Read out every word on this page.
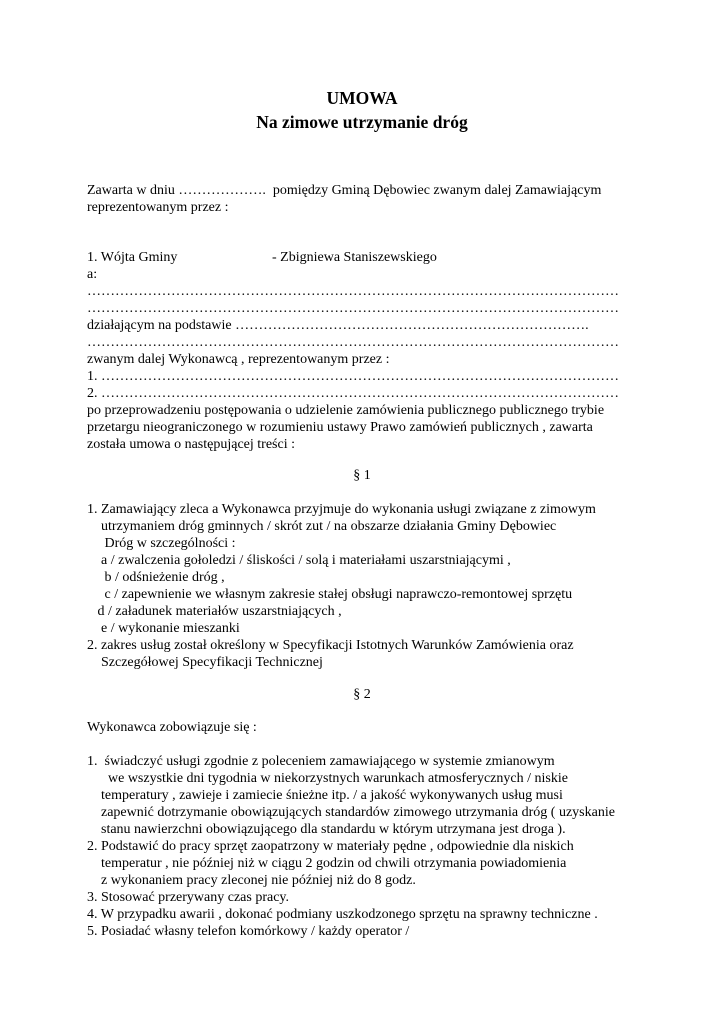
UMOWA
Na zimowe utrzymanie dróg
Zawarta w dniu ……………….  pomiędzy Gminą Dębowiec zwanym dalej Zamawiającym
reprezentowanym przez :
1. Wójta Gminy	- Zbigniewa Staniszewskiego
a:
……………………………………………………………………………………………………
……………………………………………………………………………………………………
działającym na podstawie ………………………………………………………………….
……………………………………………………………………………………………………
zwanym dalej Wykonawcą , reprezentowanym przez :
1. …………………………………………………………………………………………………
2. …………………………………………………………………………………………………
po przeprowadzeniu postępowania o udzielenie zamówienia publicznego publicznego trybie
przetargu nieograniczonego w rozumieniu ustawy Prawo zamówień publicznych , zawarta
została umowa o następującej treści :
§ 1
1. Zamawiający zleca a Wykonawca przyjmuje do wykonania usługi związane z zimowym
utrzymaniem dróg gminnych / skrót zut / na obszarze działania Gminy Dębowiec
Dróg w szczególności :
a / zwalczenia gołoledzi / śliskości / solą i materiałami uszarstniającymi ,
b / odśnieżenie dróg ,
c / zapewnienie we własnym zakresie stałej obsługi naprawczo-remontowej sprzętu
d / załadunek materiałów uszarstniających ,
e / wykonanie mieszanki
2. zakres usług został określony w Specyfikacji Istotnych Warunków Zamówienia oraz
Szczegółowej Specyfikacji Technicznej
§ 2
Wykonawca zobowiązuje się :
1.  świadczyć usługi zgodnie z poleceniem zamawiającego w systemie zmianowym
we wszystkie dni tygodnia w niekorzystnych warunkach atmosferycznych / niskie
temperatury , zawieje i zamiecie śnieżne itp. / a jakość wykonywanych usług musi
zapewnić dotrzymanie obowiązujących standardów zimowego utrzymania dróg ( uzyskanie
stanu nawierzchni obowiązującego dla standardu w którym utrzymana jest droga ).
2. Podstawić do pracy sprzęt zaopatrzony w materiały pędne , odpowiednie dla niskich
temperatur , nie później niż w ciągu 2 godzin od chwili otrzymania powiadomienia
z wykonaniem pracy zleconej nie później niż do 8 godz.
3. Stosować przerywany czas pracy.
4. W przypadku awarii , dokonać podmiany uszkodzonego sprzętu na sprawny techniczne .
5. Posiadać własny telefon komórkowy / każdy operator /
